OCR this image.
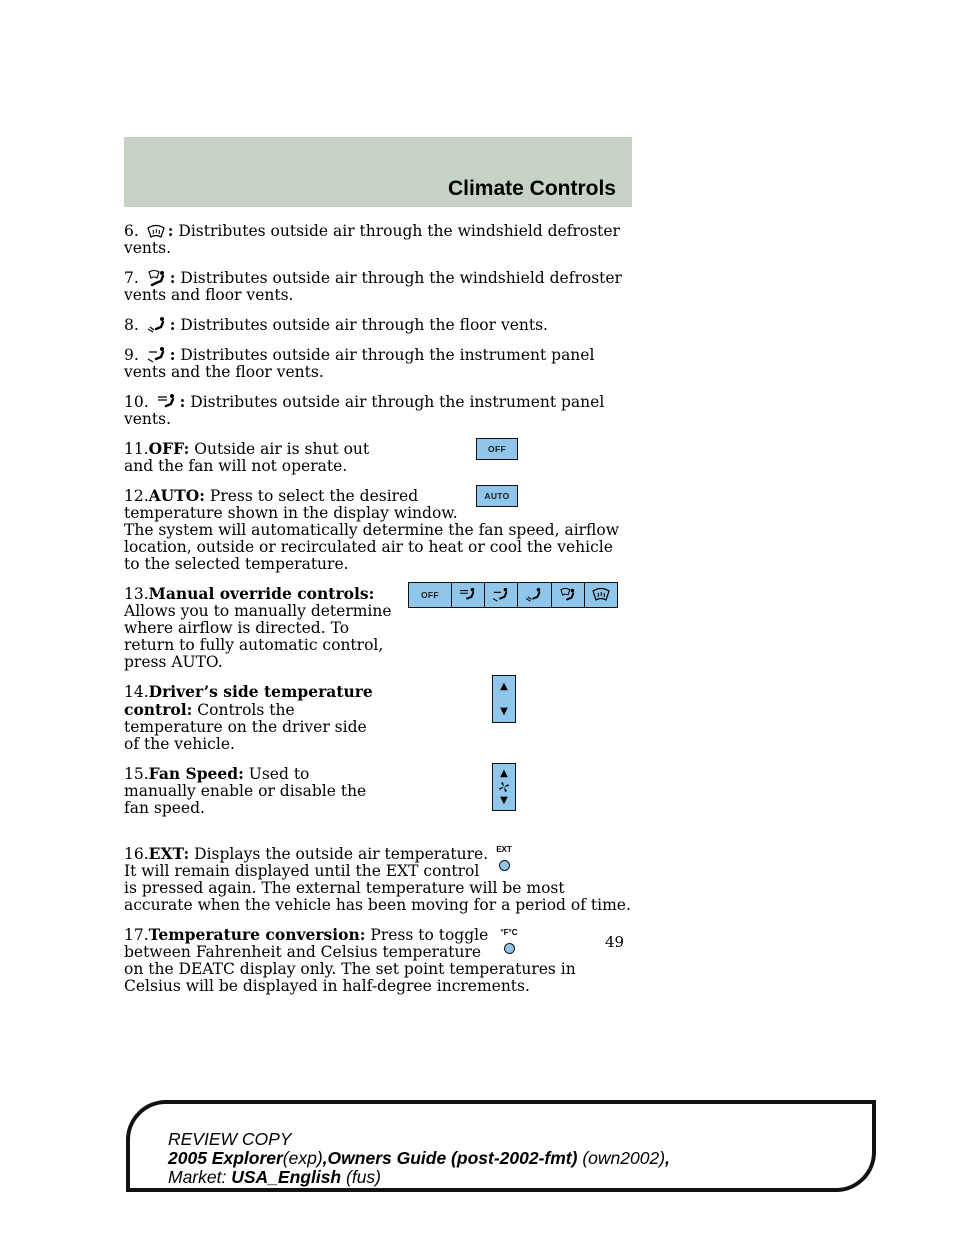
Climate Controls

6. : Distributes outside air through the windshield defroster vents.

7. : Distributes outside air through the windshield defroster vents and floor vents.

8. : Distributes outside air through the floor vents.

9. : Distributes outside air through the instrument panel vents and the floor vents.

10. : Distributes outside air through the instrument panel vents.

OFF
11.OFF: Outside air is shut out and the fan will not operate.
AUTO
12.AUTO: Press to select the desired temperature shown in the display window. The system will automatically determine the fan speed, airflow location, outside or recirculated air to heat or cool the vehicle to the selected temperature.
OFF
13.Manual override controls: Allows you to manually determine where airflow is directed. To return to fully automatic control, press AUTO.
▲
▼
14.Driver’s side temperature control: Controls the temperature on the driver side of the vehicle.
▲
▼
15.Fan Speed: Used to manually enable or disable the fan speed.
EXT
16.EXT: Displays the outside air temperature. It will remain displayed until the EXT control is pressed again. The external temperature will be most accurate when the vehicle has been moving for a period of time.
°F°C
17.Temperature conversion: Press to toggle between Fahrenheit and Celsius temperature on the DEATC display only. The set point temperatures in Celsius will be displayed in half-degree increments.
49
REVIEW COPY
2005 Explorer(exp),Owners Guide (post-2002-fmt) (own2002),
Market: USA_English (fus)
